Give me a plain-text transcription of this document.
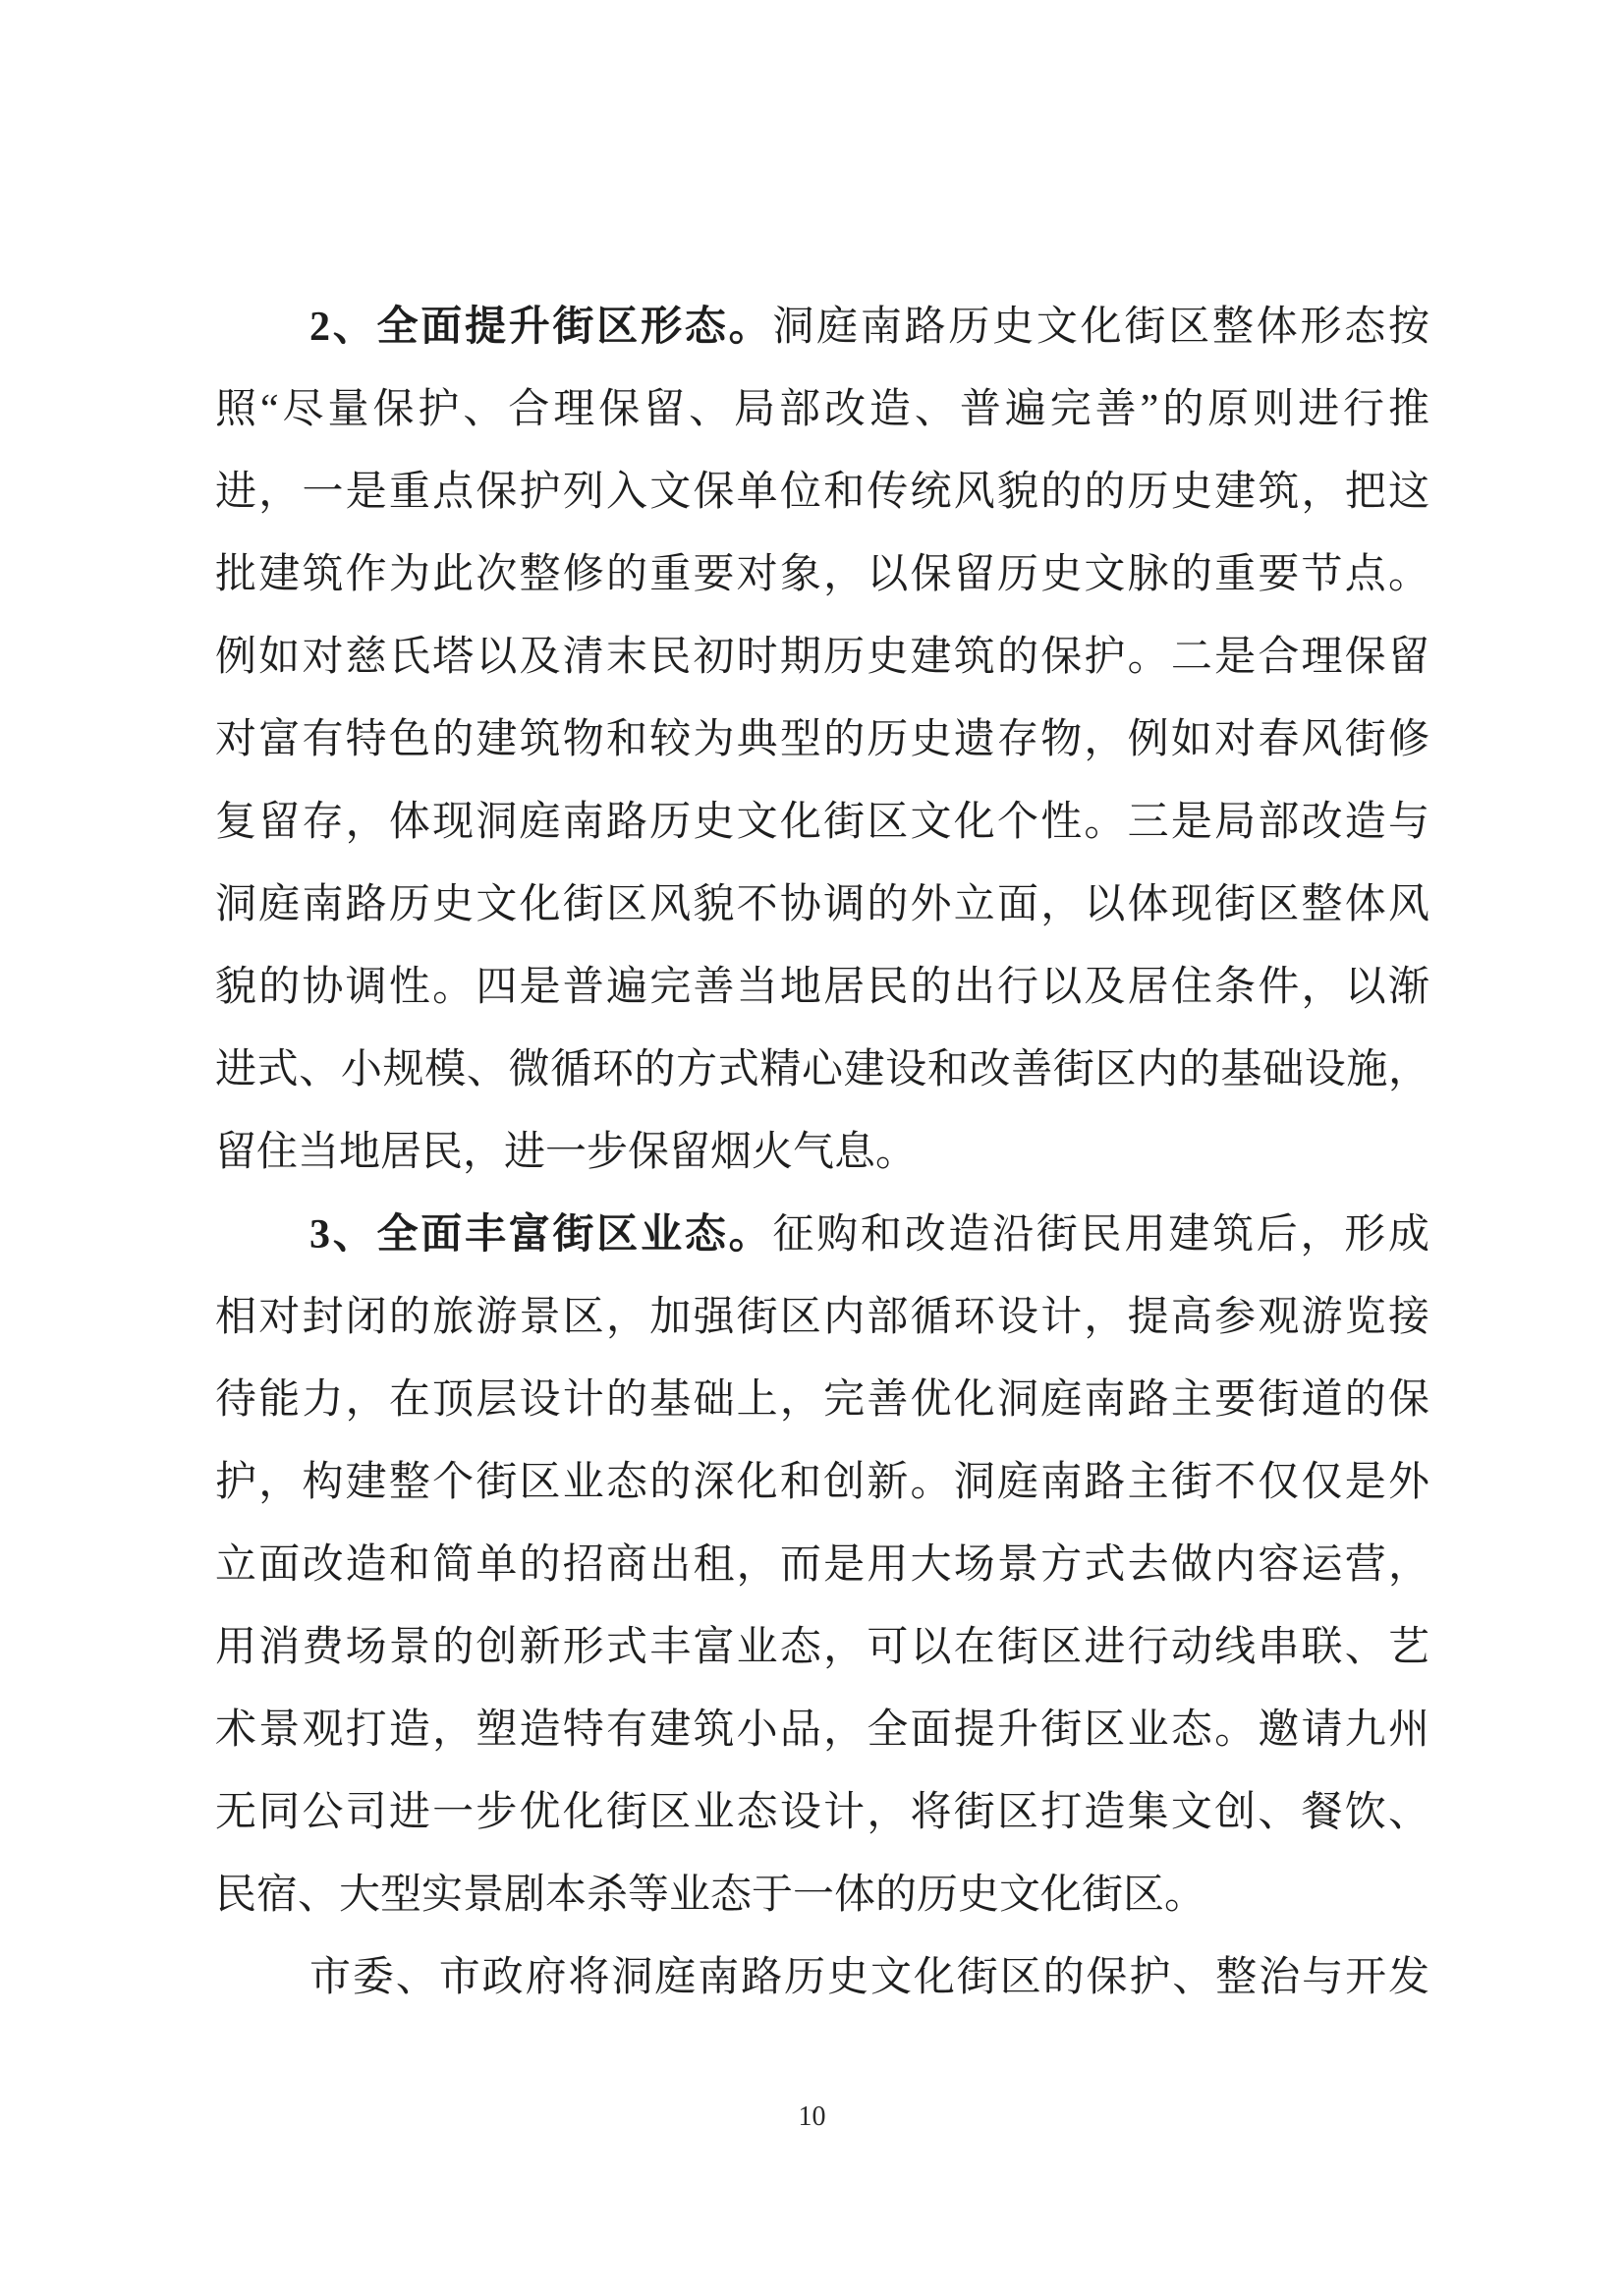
2、全面提升街区形态。洞庭南路历史文化街区整体形态按
照“尽量保护、合理保留、局部改造、普遍完善”的原则进行推
进，一是重点保护列入文保单位和传统风貌的的历史建筑，把这
批建筑作为此次整修的重要对象，以保留历史文脉的重要节点。
例如对慈氏塔以及清末民初时期历史建筑的保护。二是合理保留
对富有特色的建筑物和较为典型的历史遗存物，例如对春风街修
复留存，体现洞庭南路历史文化街区文化个性。三是局部改造与
洞庭南路历史文化街区风貌不协调的外立面，以体现街区整体风
貌的协调性。四是普遍完善当地居民的出行以及居住条件，以渐
进式、小规模、微循环的方式精心建设和改善街区内的基础设施，
留住当地居民，进一步保留烟火气息。
3、全面丰富街区业态。征购和改造沿街民用建筑后，形成
相对封闭的旅游景区，加强街区内部循环设计，提高参观游览接
待能力，在顶层设计的基础上，完善优化洞庭南路主要街道的保
护，构建整个街区业态的深化和创新。洞庭南路主街不仅仅是外
立面改造和简单的招商出租，而是用大场景方式去做内容运营，
用消费场景的创新形式丰富业态，可以在街区进行动线串联、艺
术景观打造，塑造特有建筑小品，全面提升街区业态。邀请九州
无同公司进一步优化街区业态设计，将街区打造集文创、餐饮、
民宿、大型实景剧本杀等业态于一体的历史文化街区。
市委、市政府将洞庭南路历史文化街区的保护、整治与开发
10
